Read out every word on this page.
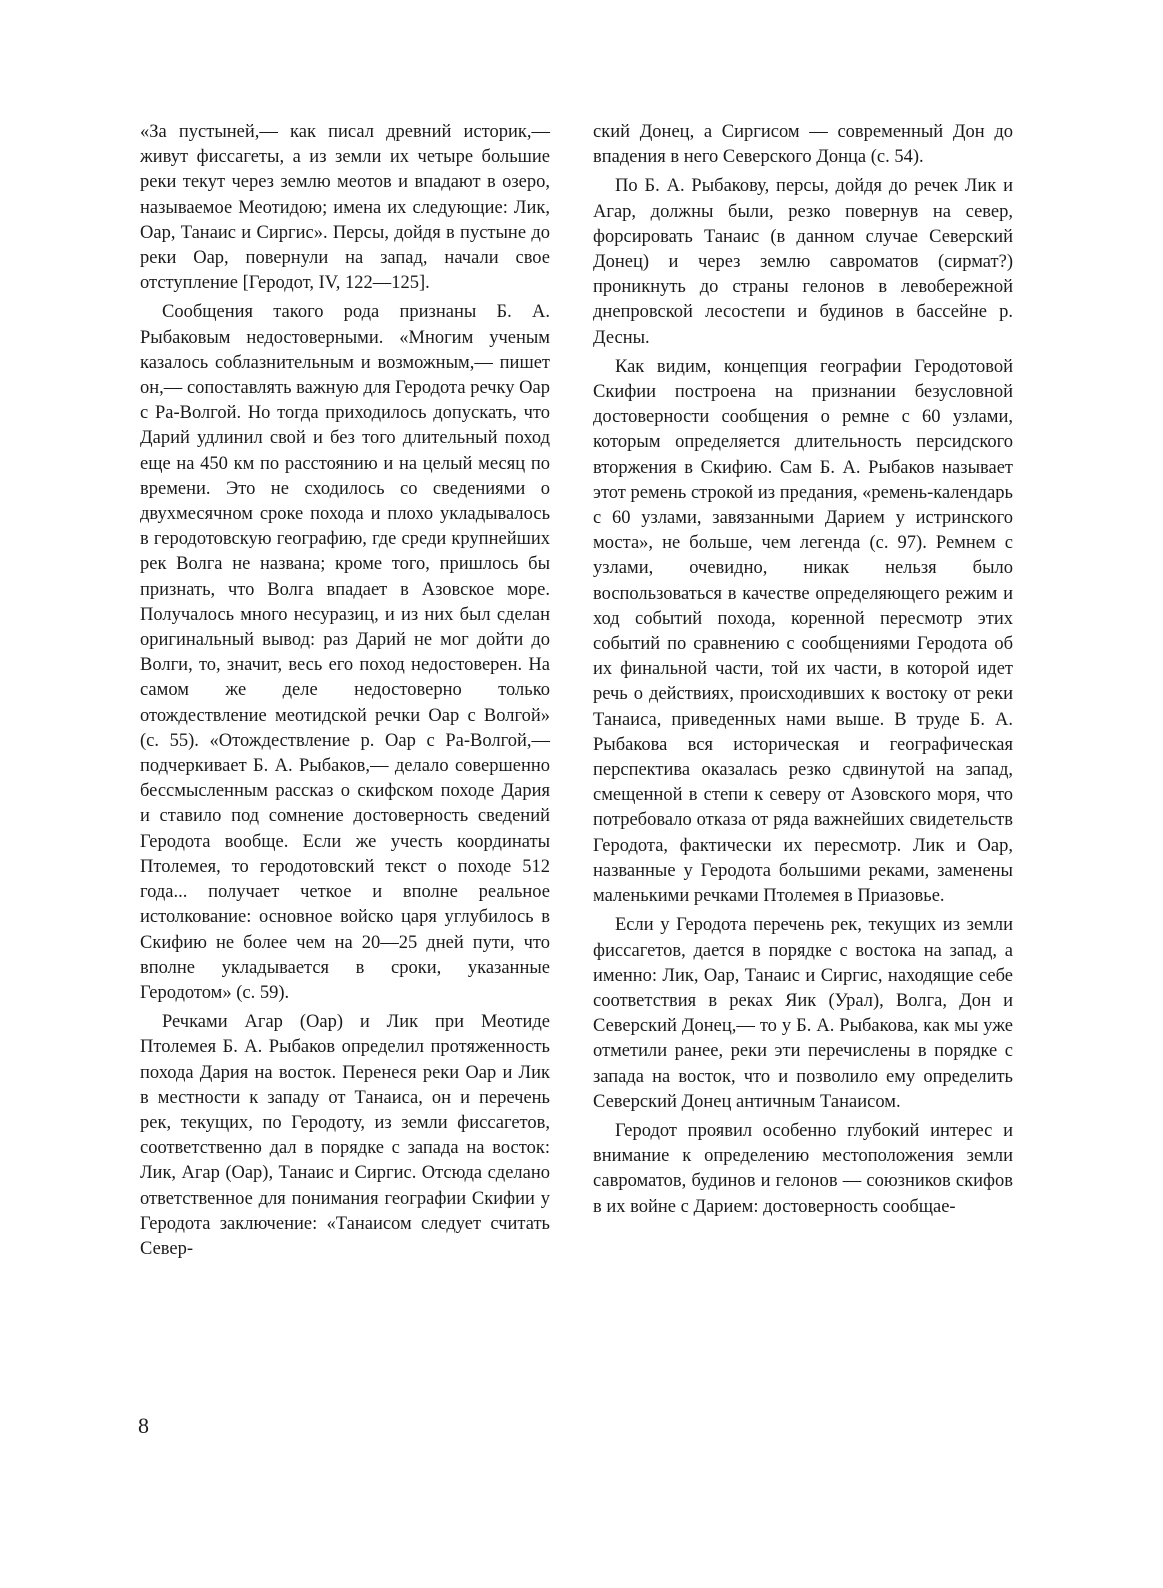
«За пустыней,— как писал древний историк,— живут фиссагеты, а из земли их четыре большие реки текут через землю меотов и впадают в озеро, называемое Меотидою; имена их следующие: Лик, Оар, Танаис и Сиргис». Персы, дойдя в пустыне до реки Оар, повернули на запад, начали свое отступление [Геродот, IV, 122—125].

Сообщения такого рода признаны Б. А. Рыбаковым недостоверными. «Многим ученым казалось соблазнительным и возможным,— пишет он,— сопоставлять важную для Геродота речку Оар с Ра-Волгой. Но тогда приходилось допускать, что Дарий удлинил свой и без того длительный поход еще на 450 км по расстоянию и на целый месяц по времени. Это не сходилось со сведениями о двухмесячном сроке похода и плохо укладывалось в геродотовскую географию, где среди крупнейших рек Волга не названа; кроме того, пришлось бы признать, что Волга впадает в Азовское море. Получалось много несуразиц, и из них был сделан оригинальный вывод: раз Дарий не мог дойти до Волги, то, значит, весь его поход недостоверен. На самом же деле недостоверно только отождествление меотидской речки Оар с Волгой» (с. 55). «Отождествление р. Оар с Ра-Волгой,— подчеркивает Б. А. Рыбаков,— делало совершенно бессмысленным рассказ о скифском походе Дария и ставило под сомнение достоверность сведений Геродота вообще. Если же учесть координаты Птолемея, то геродотовский текст о походе 512 года... получает четкое и вполне реальное истолкование: основное войско царя углубилось в Скифию не более чем на 20—25 дней пути, что вполне укладывается в сроки, указанные Геродотом» (с. 59).

Речками Агар (Оар) и Лик при Меотиде Птолемея Б. А. Рыбаков определил протяженность похода Дария на восток. Перенеся реки Оар и Лик в местности к западу от Танаиса, он и перечень рек, текущих, по Геродоту, из земли фиссагетов, соответственно дал в порядке с запада на восток: Лик, Агар (Оар), Танаис и Сиргис. Отсюда сделано ответственное для понимания географии Скифии у Геродота заключение: «Танаисом следует считать Север-

ский Донец, а Сиргисом — современный Дон до впадения в него Северского Донца (с. 54).

По Б. А. Рыбакову, персы, дойдя до речек Лик и Агар, должны были, резко повернув на север, форсировать Танаис (в данном случае Северский Донец) и через землю савроматов (сирмат?) проникнуть до страны гелонов в левобережной днепровской лесостепи и будинов в бассейне р. Десны.

Как видим, концепция географии Геродотовой Скифии построена на признании безусловной достоверности сообщения о ремне с 60 узлами, которым определяется длительность персидского вторжения в Скифию. Сам Б. А. Рыбаков называет этот ремень строкой из предания, «ремень-календарь с 60 узлами, завязанными Дарием у истринского моста», не больше, чем легенда (с. 97). Ремнем с узлами, очевидно, никак нельзя было воспользоваться в качестве определяющего режим и ход событий похода, коренной пересмотр этих событий по сравнению с сообщениями Геродота об их финальной части, той их части, в которой идет речь о действиях, происходивших к востоку от реки Танаиса, приведенных нами выше. В труде Б. А. Рыбакова вся историческая и географическая перспектива оказалась резко сдвинутой на запад, смещенной в степи к северу от Азовского моря, что потребовало отказа от ряда важнейших свидетельств Геродота, фактически их пересмотр. Лик и Оар, названные у Геродота большими реками, заменены маленькими речками Птолемея в Приазовье.

Если у Геродота перечень рек, текущих из земли фиссагетов, дается в порядке с востока на запад, а именно: Лик, Оар, Танаис и Сиргис, находящие себе соответствия в реках Яик (Урал), Волга, Дон и Северский Донец,— то у Б. А. Рыбакова, как мы уже отметили ранее, реки эти перечислены в порядке с запада на восток, что и позволило ему определить Северский Донец античным Танаисом.

Геродот проявил особенно глубокий интерес и внимание к определению местоположения земли савроматов, будинов и гелонов — союзников скифов в их войне с Дарием: достоверность сообщае-

8
